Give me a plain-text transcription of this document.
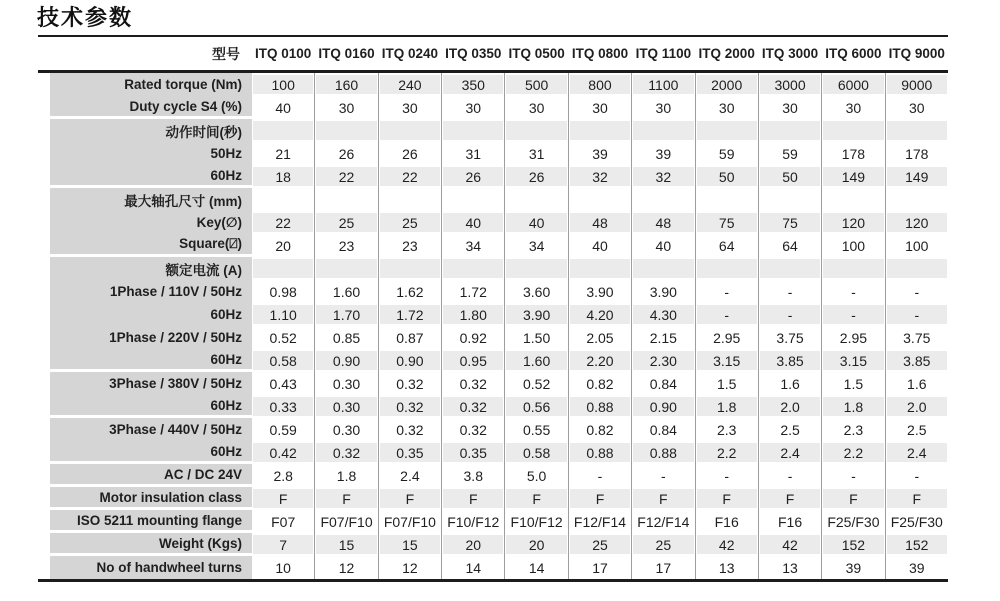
技术参数
型号	ITQ 0100 ITQ 0160 ITQ 0240 ITQ 0350 ITQ 0500 ITQ 0800 ITQ 1100 ITQ 2000 ITQ 3000 ITQ 6000 ITQ 9000
Rated torque (Nm)	100	160	240	350	500	800	1100	2000	3000	6000	9000
Duty cycle S4 (%)	40	30	30	30	30	30	30	30	30	30	30
动作时间(秒)
50Hz	21	26	26	31	31	39	39	59	59	178	178
60Hz	18	22	22	26	26	32	32	50	50	149	149
最大轴孔尺寸 (mm)
Key(∅)	22	25	25	40	40	48	48	75	75	120	120
Square(⍁)	20	23	23	34	34	40	40	64	64	100	100
额定电流 (A)
1Phase / 110V / 50Hz	0.98	1.60	1.62	1.72	3.60	3.90	3.90	-	-	-	-
60Hz	1.10	1.70	1.72	1.80	3.90	4.20	4.30	-	-	-	-
1Phase / 220V / 50Hz	0.52	0.85	0.87	0.92	1.50	2.05	2.15	2.95	3.75	2.95	3.75
60Hz	0.58	0.90	0.90	0.95	1.60	2.20	2.30	3.15	3.85	3.15	3.85
3Phase / 380V / 50Hz	0.43	0.30	0.32	0.32	0.52	0.82	0.84	1.5	1.6	1.5	1.6
60Hz	0.33	0.30	0.32	0.32	0.56	0.88	0.90	1.8	2.0	1.8	2.0
3Phase / 440V / 50Hz	0.59	0.30	0.32	0.32	0.55	0.82	0.84	2.3	2.5	2.3	2.5
60Hz	0.42	0.32	0.35	0.35	0.58	0.88	0.88	2.2	2.4	2.2	2.4
AC / DC 24V	2.8	1.8	2.4	3.8	5.0	-	-	-	-	-	-
Motor insulation class	F	F	F	F	F	F	F	F	F	F	F
ISO 5211 mounting flange	F07	F07/F10 F07/F10 F10/F12 F10/F12 F12/F14 F12/F14	F16	F16	F25/F30 F25/F30
Weight (Kgs)	7	15	15	20	20	25	25	42	42	152	152
No of handwheel turns	10	12	12	14	14	17	17	13	13	39	39
